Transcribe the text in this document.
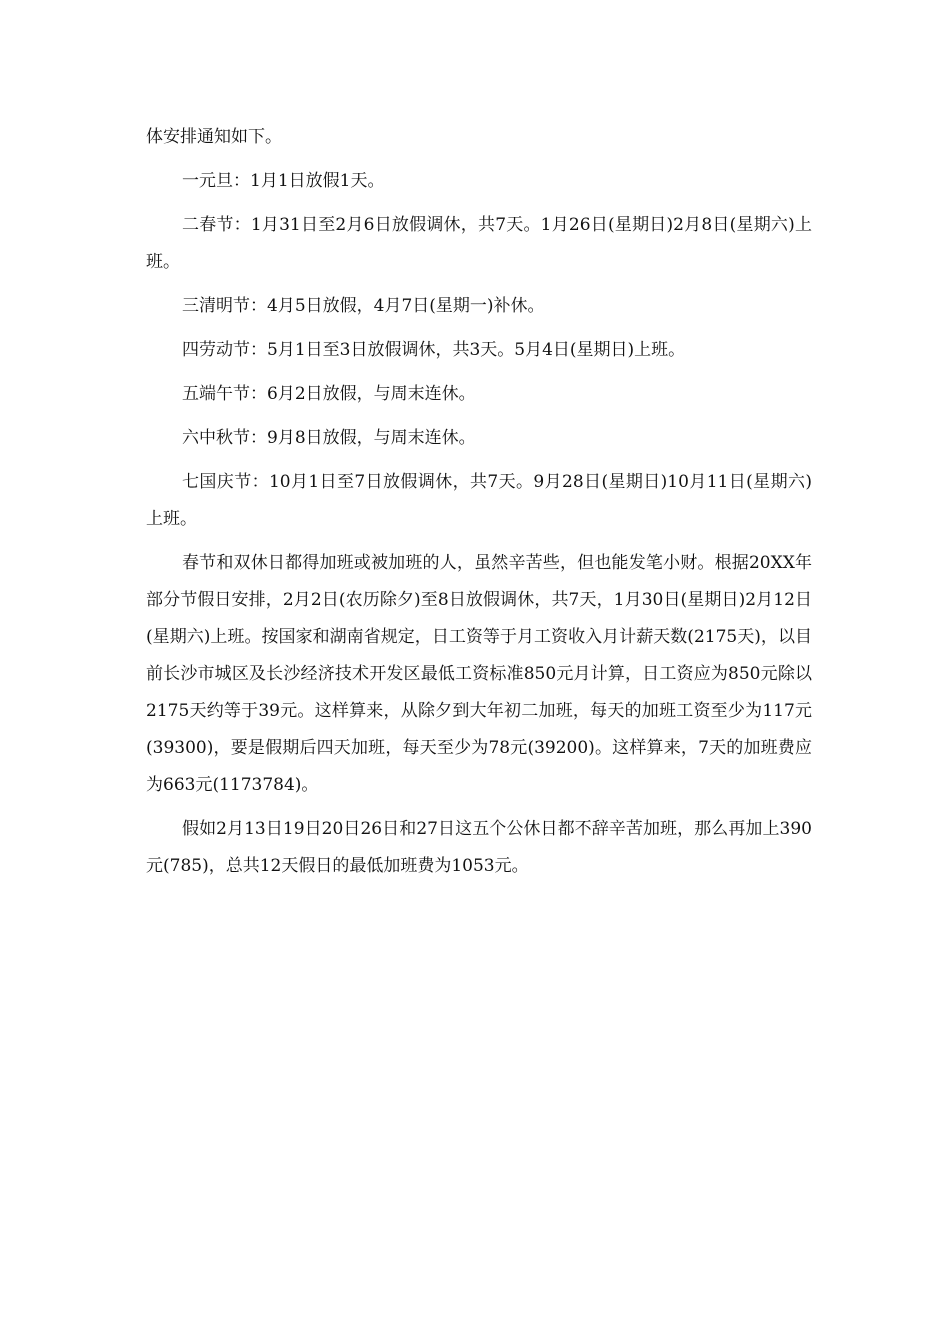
体安排通知如下。

一元旦：1月1日放假1天。

二春节：1月31日至2月6日放假调休，共7天。1月26日(星期日)2月8日(星期六)上班。

三清明节：4月5日放假，4月7日(星期一)补休。

四劳动节：5月1日至3日放假调休，共3天。5月4日(星期日)上班。

五端午节：6月2日放假，与周末连休。

六中秋节：9月8日放假，与周末连休。

七国庆节：10月1日至7日放假调休，共7天。9月28日(星期日)10月11日(星期六)上班。

春节和双休日都得加班或被加班的人，虽然辛苦些，但也能发笔小财。根据20XX年部分节假日安排，2月2日(农历除夕)至8日放假调休，共7天，1月30日(星期日)2月12日(星期六)上班。按国家和湖南省规定，日工资等于月工资收入月计薪天数(2175天)，以目前长沙市城区及长沙经济技术开发区最低工资标准850元月计算，日工资应为850元除以2175天约等于39元。这样算来，从除夕到大年初二加班，每天的加班工资至少为117元(39300)，要是假期后四天加班，每天至少为78元(39200)。这样算来，7天的加班费应为663元(1173784)。

假如2月13日19日20日26日和27日这五个公休日都不辞辛苦加班，那么再加上390元(785)，总共12天假日的最低加班费为1053元。
